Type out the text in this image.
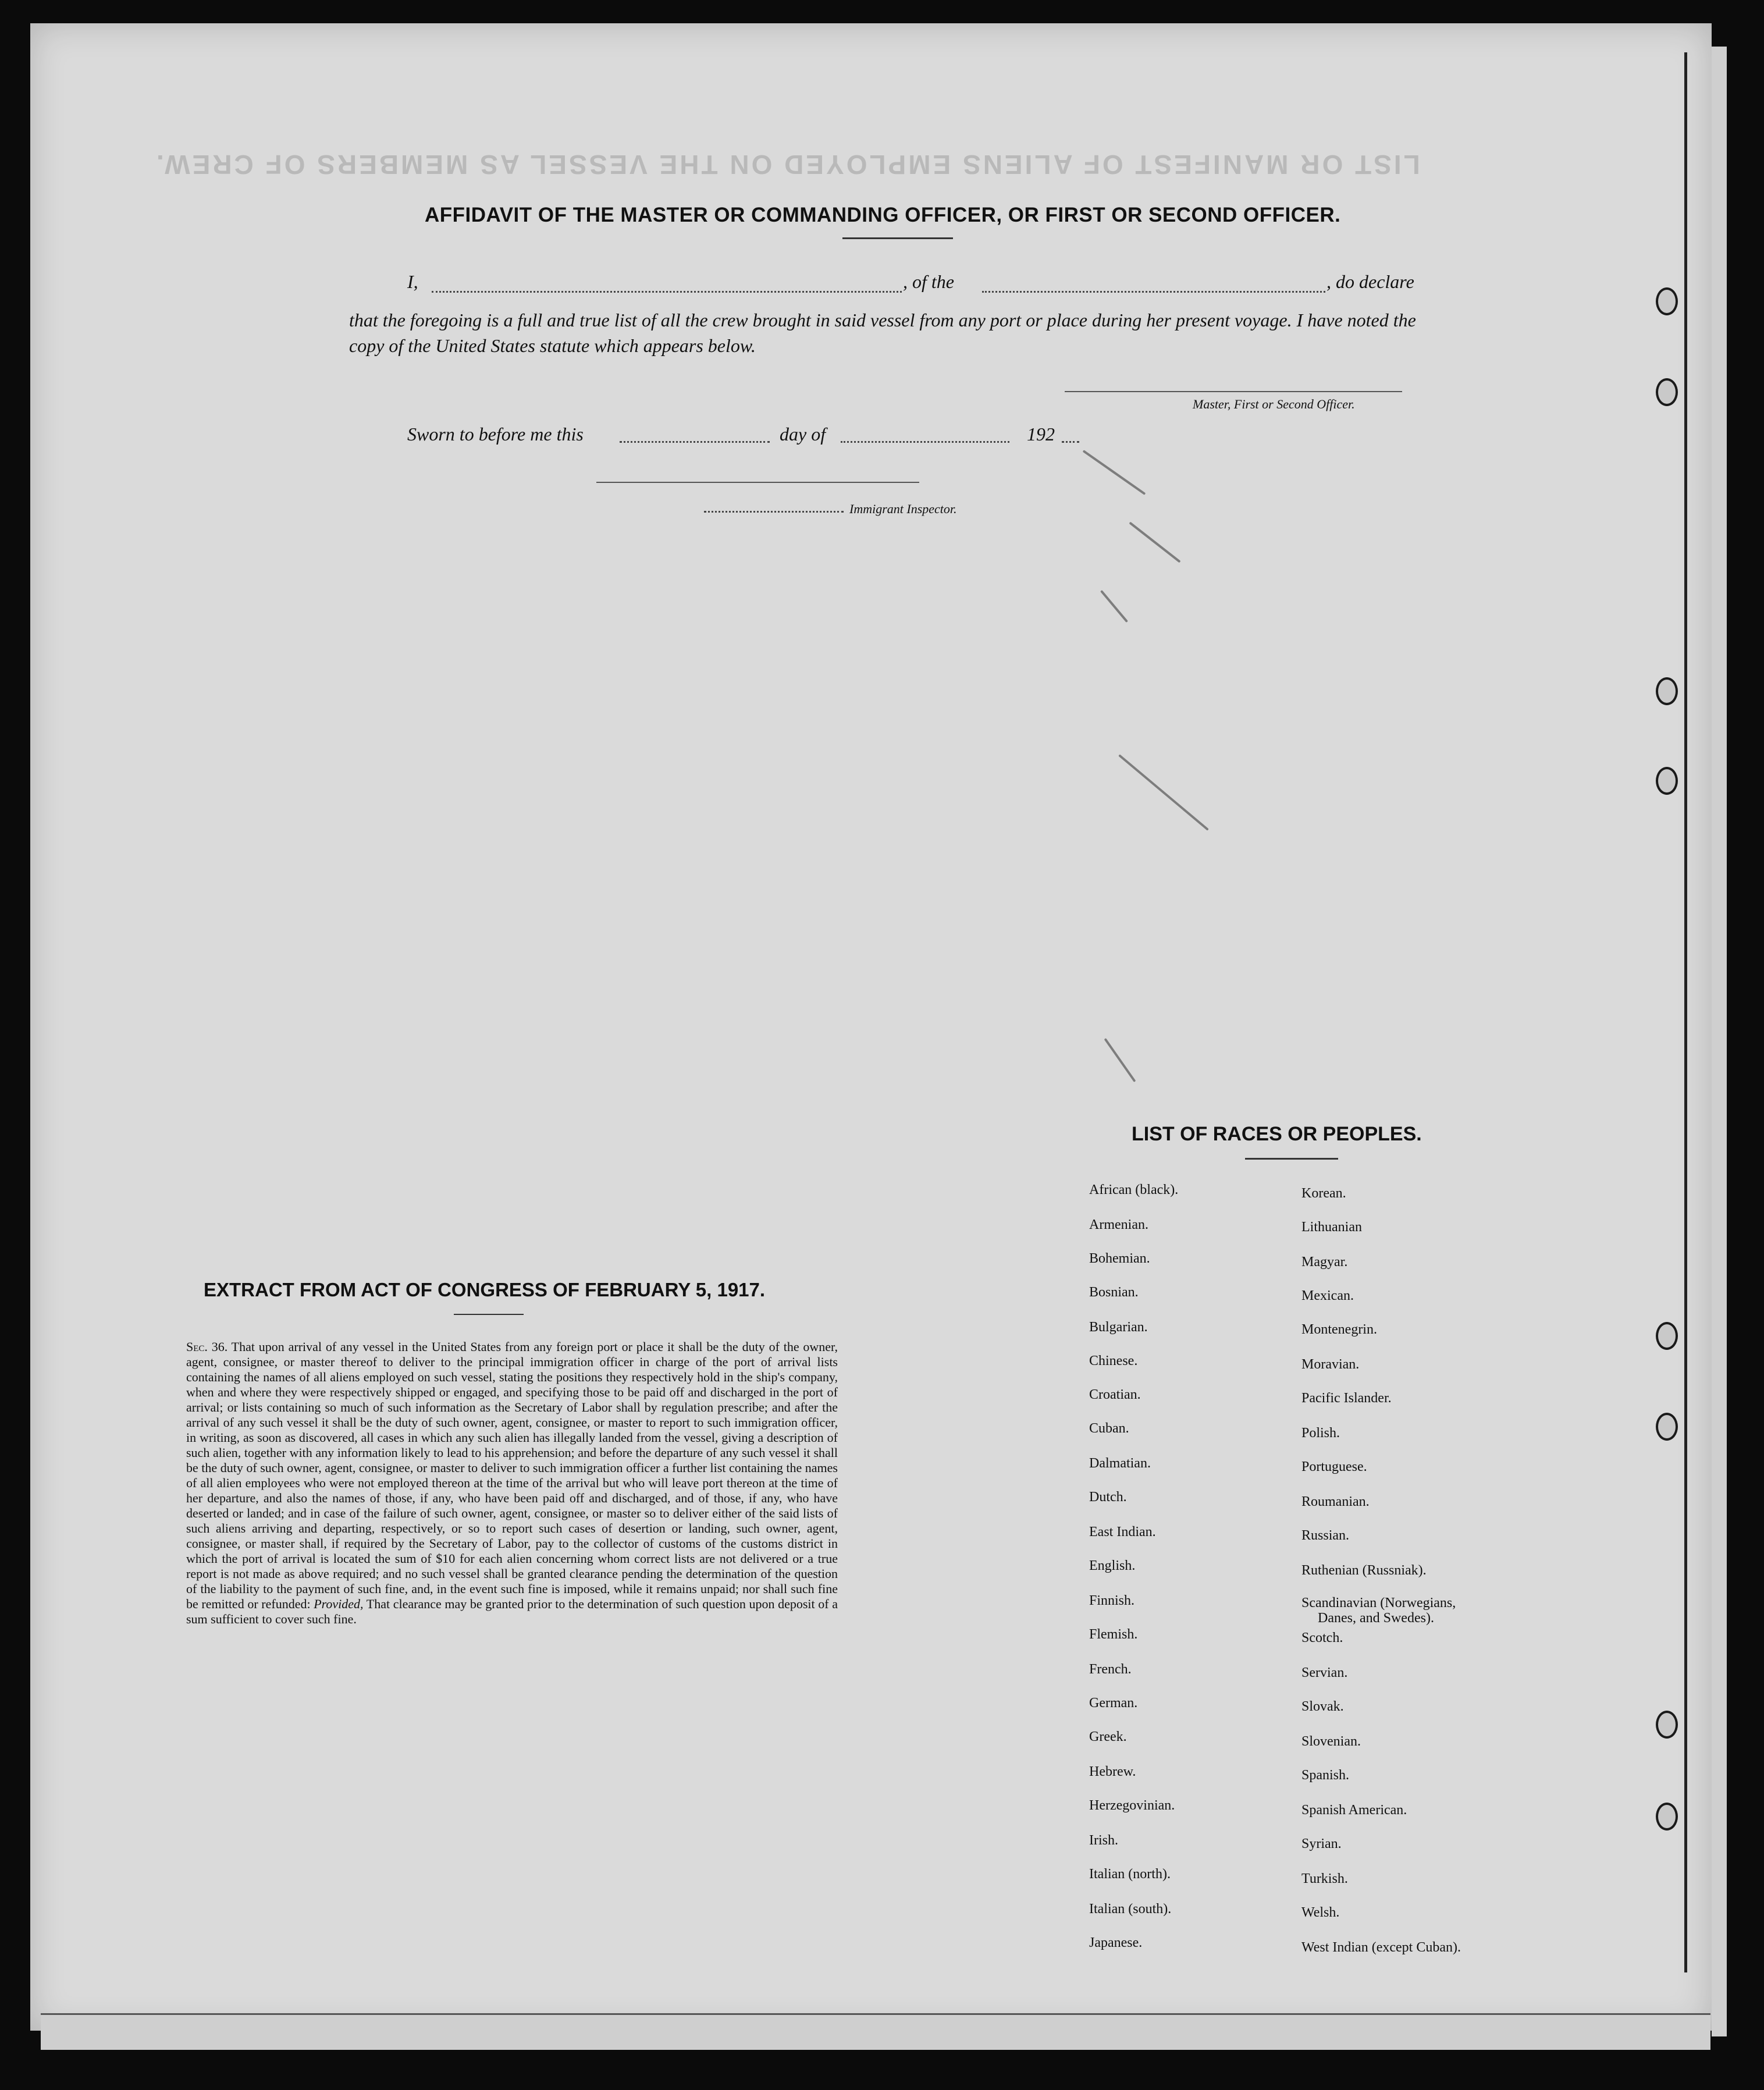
LIST OR MANIFEST OF ALIENS EMPLOYED ON THE VESSEL AS MEMBERS OF CREW.
AFFIDAVIT OF THE MASTER OR COMMANDING OFFICER, OR FIRST OR SECOND OFFICER.
I,	, of the	, do declare
that the foregoing is a full and true list of all the crew brought in said vessel from any port or place during her present voyage. I have noted the copy of the United States statute which appears below.
Master, First or Second Officer.
Sworn to before me this	day of	192
Immigrant Inspector.
LIST OF RACES OR PEOPLES.
African (black).
Armenian.
Bohemian.
Bosnian.
Bulgarian.
Chinese.
Croatian.
Cuban.
Dalmatian.
Dutch.
East Indian.
English.
Finnish.
Flemish.
French.
German.
Greek.
Hebrew.
Herzegovinian.
Irish.
Italian (north).
Italian (south).
Japanese.
Korean.
Lithuanian
Magyar.
Mexican.
Montenegrin.
Moravian.
Pacific Islander.
Polish.
Portuguese.
Roumanian.
Russian.
Ruthenian (Russniak).
Scandinavian (Norwegians,
Danes, and Swedes).
Scotch.
Servian.
Slovak.
Slovenian.
Spanish.
Spanish American.
Syrian.
Turkish.
Welsh.
West Indian (except Cuban).
EXTRACT FROM ACT OF CONGRESS OF FEBRUARY 5, 1917.
Sec. 36. That upon arrival of any vessel in the United States from any foreign port or place it shall be the duty of the owner, agent, consignee, or master thereof to deliver to the principal immigration officer in charge of the port of arrival lists containing the names of all aliens employed on such vessel, stating the positions they respectively hold in the ship's company, when and where they were respectively shipped or engaged, and specifying those to be paid off and discharged in the port of arrival; or lists containing so much of such information as the Secretary of Labor shall by regulation prescribe; and after the arrival of any such vessel it shall be the duty of such owner, agent, consignee, or master to report to such immigration officer, in writing, as soon as discovered, all cases in which any such alien has illegally landed from the vessel, giving a description of such alien, together with any information likely to lead to his apprehension; and before the departure of any such vessel it shall be the duty of such owner, agent, consignee, or master to deliver to such immigration officer a further list containing the names of all alien employees who were not employed thereon at the time of the arrival but who will leave port thereon at the time of her departure, and also the names of those, if any, who have been paid off and discharged, and of those, if any, who have deserted or landed; and in case of the failure of such owner, agent, consignee, or master so to deliver either of the said lists of such aliens arriving and departing, respectively, or so to report such cases of desertion or landing, such owner, agent, consignee, or master shall, if required by the Secretary of Labor, pay to the collector of customs of the customs district in which the port of arrival is located the sum of $10 for each alien concerning whom correct lists are not delivered or a true report is not made as above required; and no such vessel shall be granted clearance pending the determination of the question of the liability to the payment of such fine, and, in the event such fine is imposed, while it remains unpaid; nor shall such fine be remitted or refunded: Provided, That clearance may be granted prior to the determination of such question upon deposit of a sum sufficient to cover such fine.
